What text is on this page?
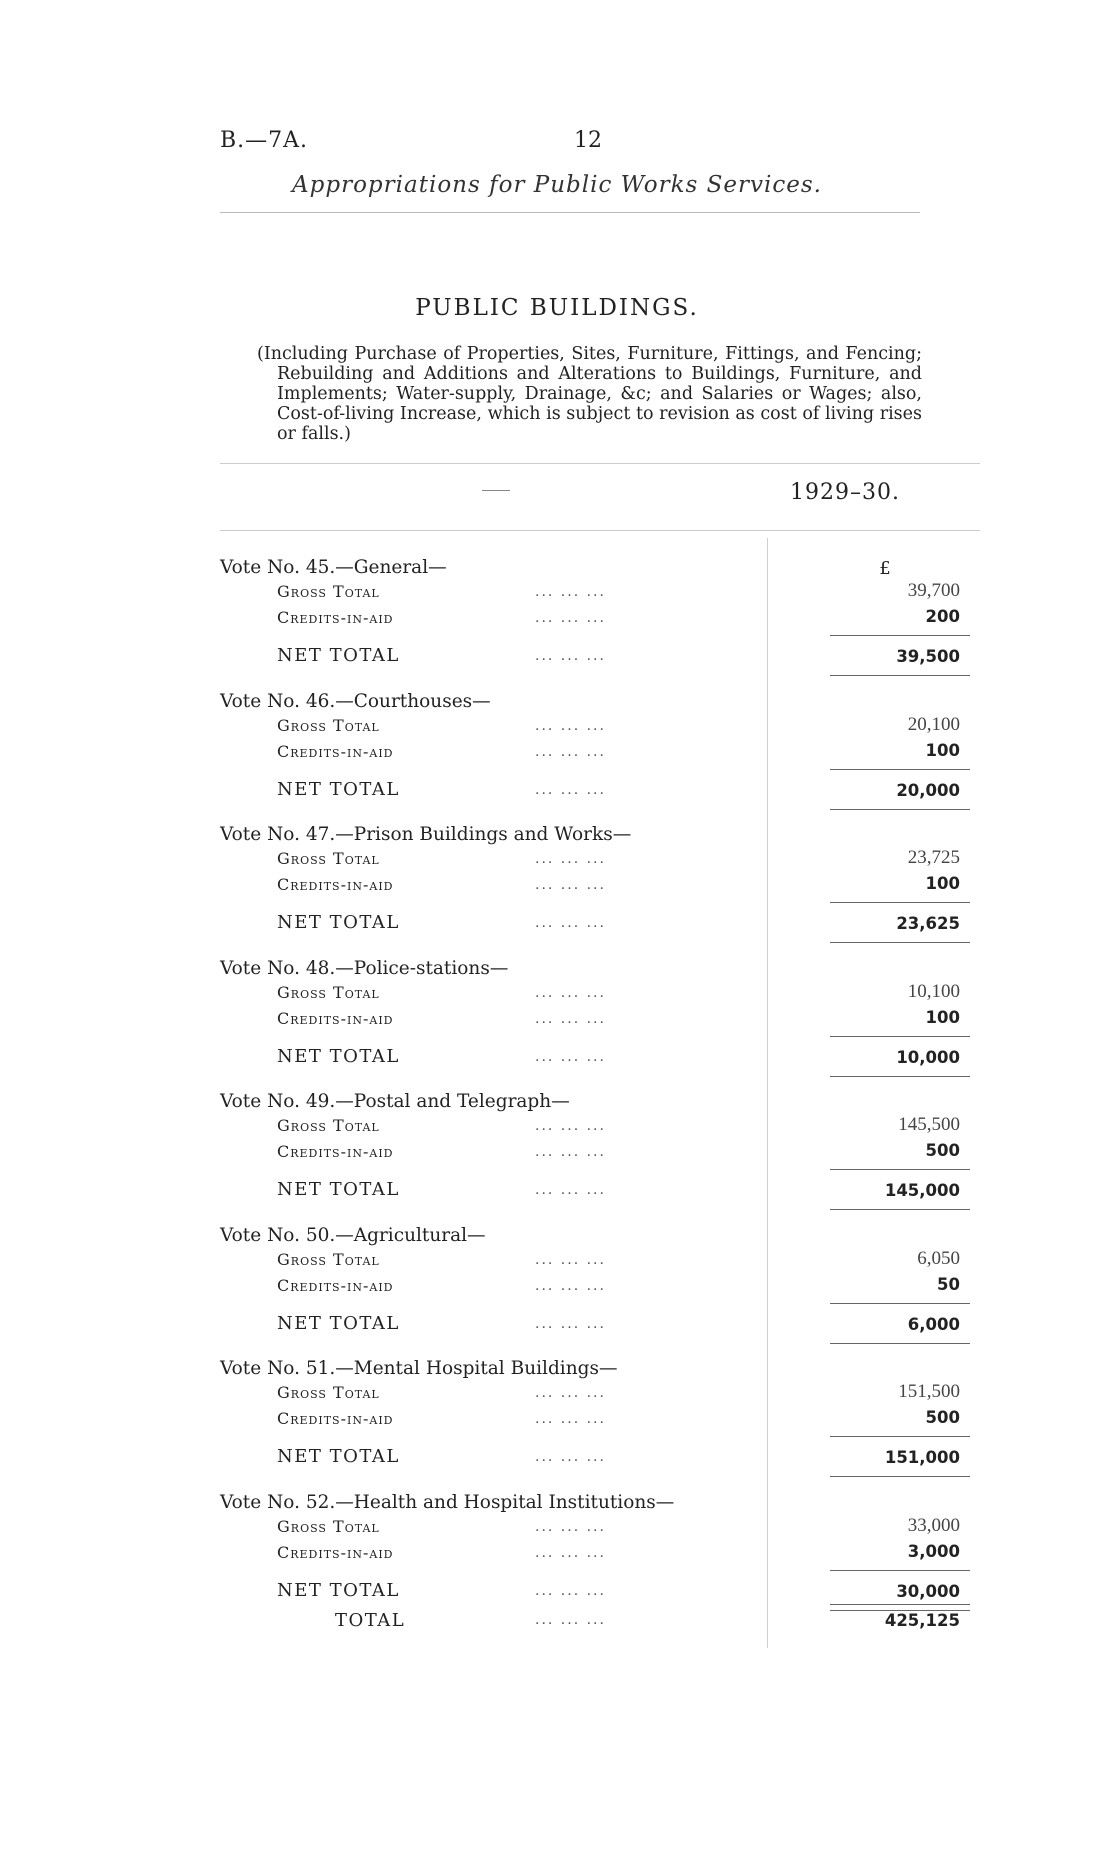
B.—7A.	12
Appropriations for Public Works Services.
PUBLIC BUILDINGS.
(Including Purchase of Properties, Sites, Furniture, Fittings, and Fencing; Rebuilding and Additions and Alterations to Buildings, Furniture, and Implements; Water-supply, Drainage, &c; and Salaries or Wages; also, Cost-of-living Increase, which is subject to revision as cost of living rises or falls.)
1929–30.
£
Vote No. 45.—General—
Gross Total	... ... ...	39,700
Credits-in-aid	... ... ...	200
NET TOTAL	... ... ...	39,500
Vote No. 46.—Courthouses—
Gross Total	... ... ...	20,100
Credits-in-aid	... ... ...	100
NET TOTAL	... ... ...	20,000
Vote No. 47.—Prison Buildings and Works—
Gross Total	... ... ...	23,725
Credits-in-aid	... ... ...	100
NET TOTAL	... ... ...	23,625
Vote No. 48.—Police-stations—
Gross Total	... ... ...	10,100
Credits-in-aid	... ... ...	100
NET TOTAL	... ... ...	10,000
Vote No. 49.—Postal and Telegraph—
Gross Total	... ... ...	145,500
Credits-in-aid	... ... ...	500
NET TOTAL	... ... ...	145,000
Vote No. 50.—Agricultural—
Gross Total	... ... ...	6,050
Credits-in-aid	... ... ...	50
NET TOTAL	... ... ...	6,000
Vote No. 51.—Mental Hospital Buildings—
Gross Total	... ... ...	151,500
Credits-in-aid	... ... ...	500
NET TOTAL	... ... ...	151,000
Vote No. 52.—Health and Hospital Institutions—
Gross Total	... ... ...	33,000
Credits-in-aid	... ... ...	3,000
NET TOTAL	... ... ...	30,000
TOTAL	... ... ...	425,125
